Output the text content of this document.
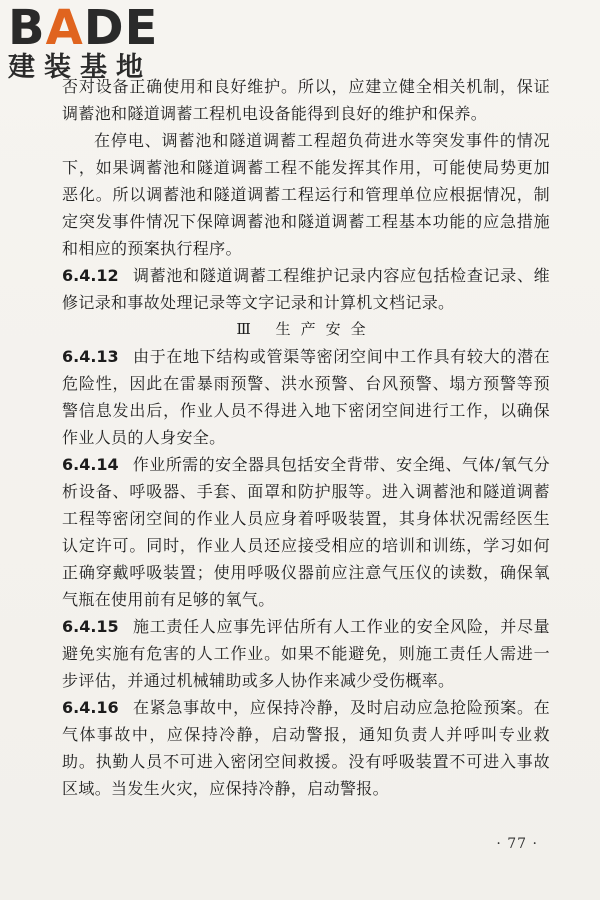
BADE
建装基地

否对设备正确使用和良好维护。所以，应建立健全相关机制，保证调蓄池和隧道调蓄工程机电设备能得到良好的维护和保养。

在停电、调蓄池和隧道调蓄工程超负荷进水等突发事件的情况下，如果调蓄池和隧道调蓄工程不能发挥其作用，可能使局势更加恶化。所以调蓄池和隧道调蓄工程运行和管理单位应根据情况，制定突发事件情况下保障调蓄池和隧道调蓄工程基本功能的应急措施和相应的预案执行程序。

6.4.12 调蓄池和隧道调蓄工程维护记录内容应包括检查记录、维修记录和事故处理记录等文字记录和计算机文档记录。

Ⅲ 生产安全

6.4.13 由于在地下结构或管渠等密闭空间中工作具有较大的潜在危险性，因此在雷暴雨预警、洪水预警、台风预警、塌方预警等预警信息发出后，作业人员不得进入地下密闭空间进行工作，以确保作业人员的人身安全。

6.4.14 作业所需的安全器具包括安全背带、安全绳、气体/氧气分析设备、呼吸器、手套、面罩和防护服等。进入调蓄池和隧道调蓄工程等密闭空间的作业人员应身着呼吸装置，其身体状况需经医生认定许可。同时，作业人员还应接受相应的培训和训练，学习如何正确穿戴呼吸装置；使用呼吸仪器前应注意气压仪的读数，确保氧气瓶在使用前有足够的氧气。

6.4.15 施工责任人应事先评估所有人工作业的安全风险，并尽量避免实施有危害的人工作业。如果不能避免，则施工责任人需进一步评估，并通过机械辅助或多人协作来减少受伤概率。

6.4.16 在紧急事故中，应保持冷静，及时启动应急抢险预案。在气体事故中，应保持冷静，启动警报，通知负责人并呼叫专业救助。执勤人员不可进入密闭空间救援。没有呼吸装置不可进入事故区域。当发生火灾，应保持冷静，启动警报。

· 77 ·
